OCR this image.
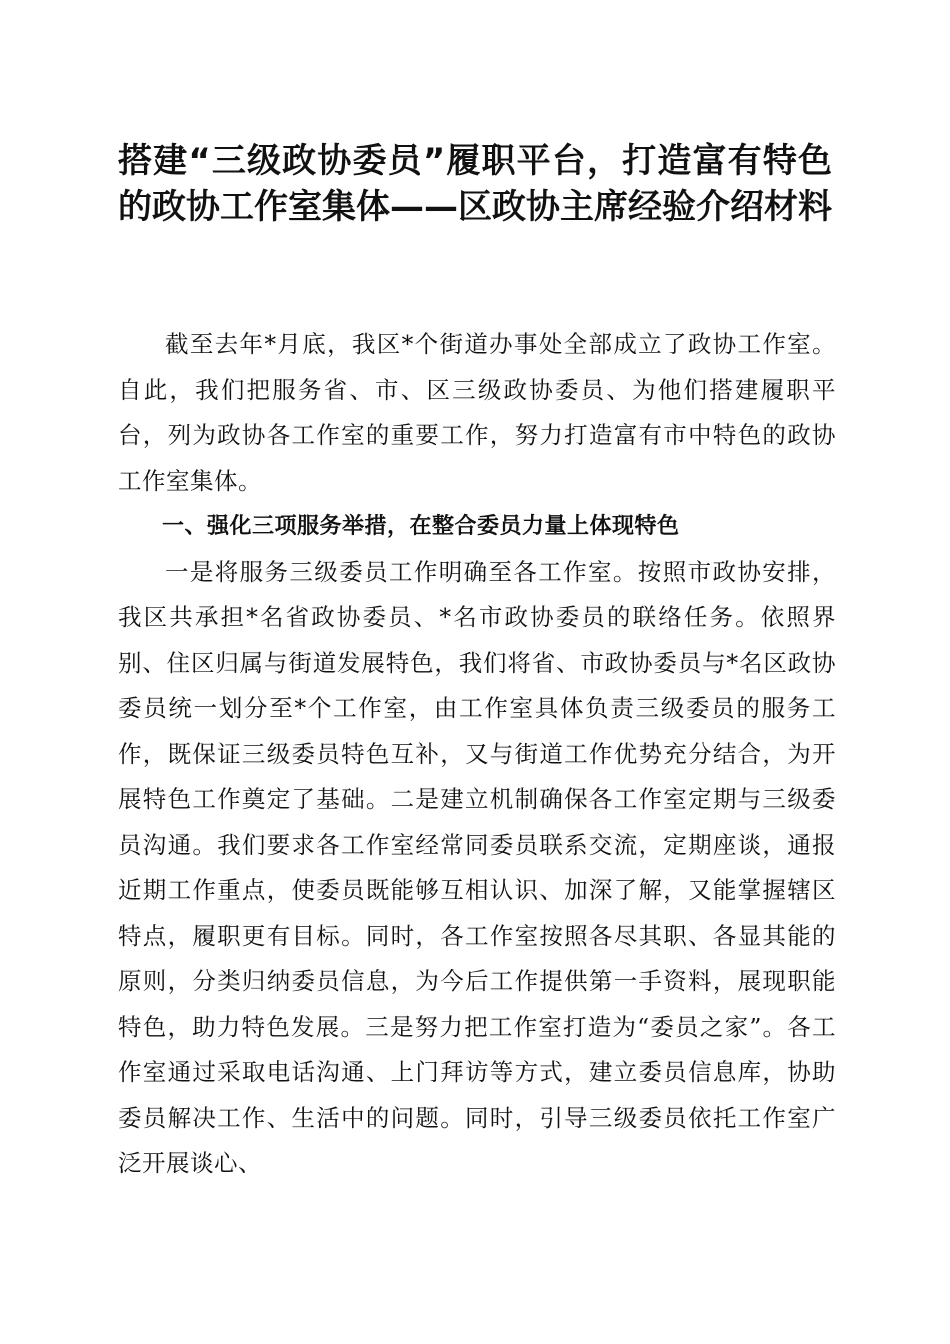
搭建“三级政协委员”履职平台，打造富有特色的政协工作室集体——区政协主席经验介绍材料

截至去年*月底，我区*个街道办事处全部成立了政协工作室。自此，我们把服务省、市、区三级政协委员、为他们搭建履职平台，列为政协各工作室的重要工作，努力打造富有市中特色的政协工作室集体。

一、强化三项服务举措，在整合委员力量上体现特色

一是将服务三级委员工作明确至各工作室。按照市政协安排，我区共承担*名省政协委员、*名市政协委员的联络任务。依照界别、住区归属与街道发展特色，我们将省、市政协委员与*名区政协委员统一划分至*个工作室，由工作室具体负责三级委员的服务工作，既保证三级委员特色互补，又与街道工作优势充分结合，为开展特色工作奠定了基础。二是建立机制确保各工作室定期与三级委员沟通。我们要求各工作室经常同委员联系交流，定期座谈，通报近期工作重点，使委员既能够互相认识、加深了解，又能掌握辖区特点，履职更有目标。同时，各工作室按照各尽其职、各显其能的原则，分类归纳委员信息，为今后工作提供第一手资料，展现职能特色，助力特色发展。三是努力把工作室打造为“委员之家”。各工作室通过采取电话沟通、上门拜访等方式，建立委员信息库，协助委员解决工作、生活中的问题。同时，引导三级委员依托工作室广泛开展谈心、
